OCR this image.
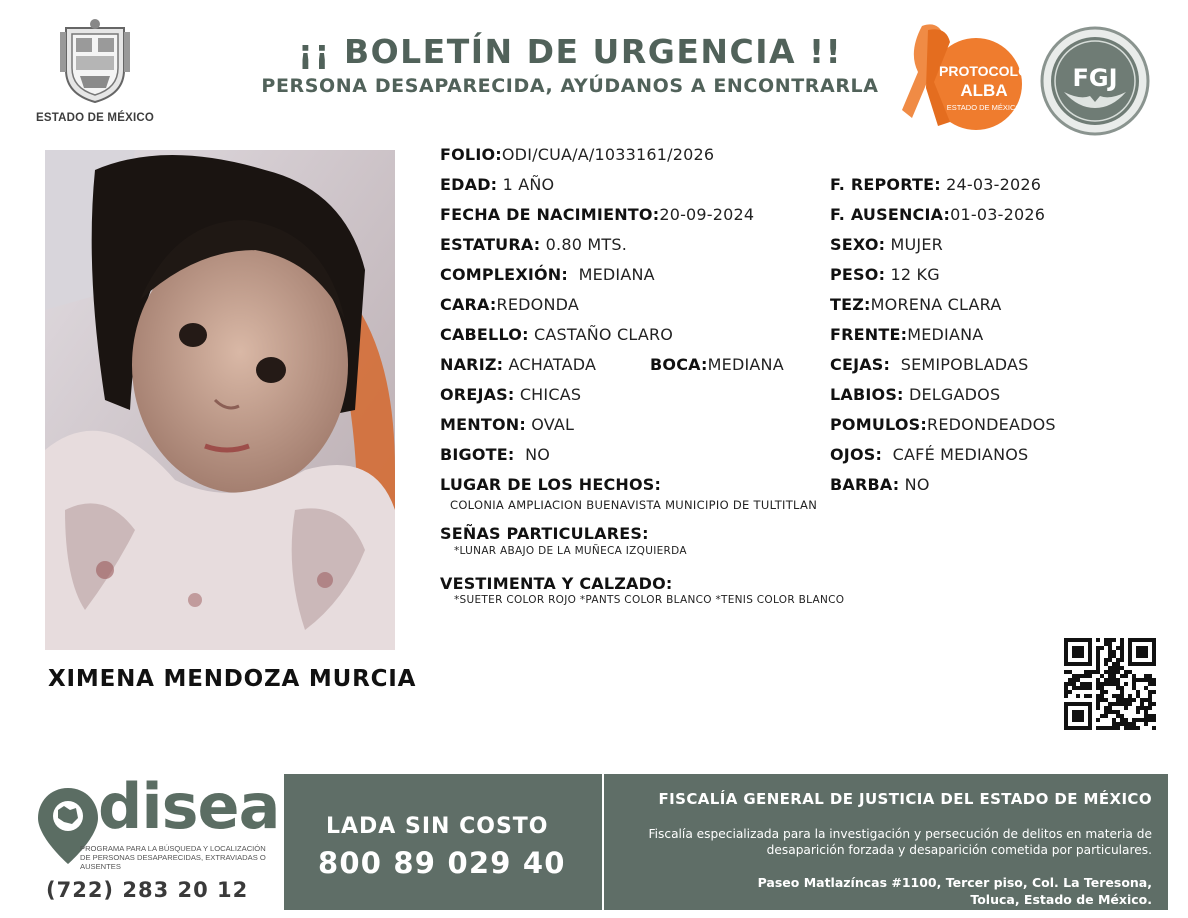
ESTADO DE MÉXICO
¡¡ BOLETÍN DE URGENCIA !!
PERSONA DESAPARECIDA, AYÚDANOS A ENCONTRARLA
PROTOCOLO
ALBA
ESTADO DE MÉXICO
FGJ
XIMENA MENDOZA MURCIA
FOLIO:ODI/CUA/A/1033161/2026
EDAD: 1 AÑO
FECHA DE NACIMIENTO:20-09-2024
ESTATURA: 0.80 MTS.
COMPLEXIÓN: MEDIANA
CARA:REDONDA
CABELLO: CASTAÑO CLARO
NARIZ: ACHATADA	BOCA:MEDIANA
OREJAS: CHICAS
MENTON: OVAL
BIGOTE: NO
LUGAR DE LOS HECHOS:
COLONIA AMPLIACION BUENAVISTA MUNICIPIO DE TULTITLAN
SEÑAS PARTICULARES:
*LUNAR ABAJO DE LA MUÑECA IZQUIERDA
VESTIMENTA Y CALZADO:
*SUETER COLOR ROJO *PANTS COLOR BLANCO *TENIS COLOR BLANCO
F. REPORTE: 24-03-2026
F. AUSENCIA:01-03-2026
SEXO: MUJER
PESO: 12 KG
TEZ:MORENA CLARA
FRENTE:MEDIANA
CEJAS: SEMIPOBLADAS
LABIOS: DELGADOS
POMULOS:REDONDEADOS
OJOS: CAFÉ MEDIANOS
BARBA: NO
disea
PROGRAMA PARA LA BÚSQUEDA Y LOCALIZACIÓN DE PERSONAS DESAPARECIDAS, EXTRAVIADAS O AUSENTES
(722) 283 20 12
LADA SIN COSTO
800 89 029 40
FISCALÍA GENERAL DE JUSTICIA DEL ESTADO DE MÉXICO
Fiscalía especializada para la investigación y persecución de delitos en materia de desaparición forzada y desaparición cometida por particulares.
Paseo Matlazíncas #1100, Tercer piso, Col. La Teresona,
Toluca, Estado de México.
